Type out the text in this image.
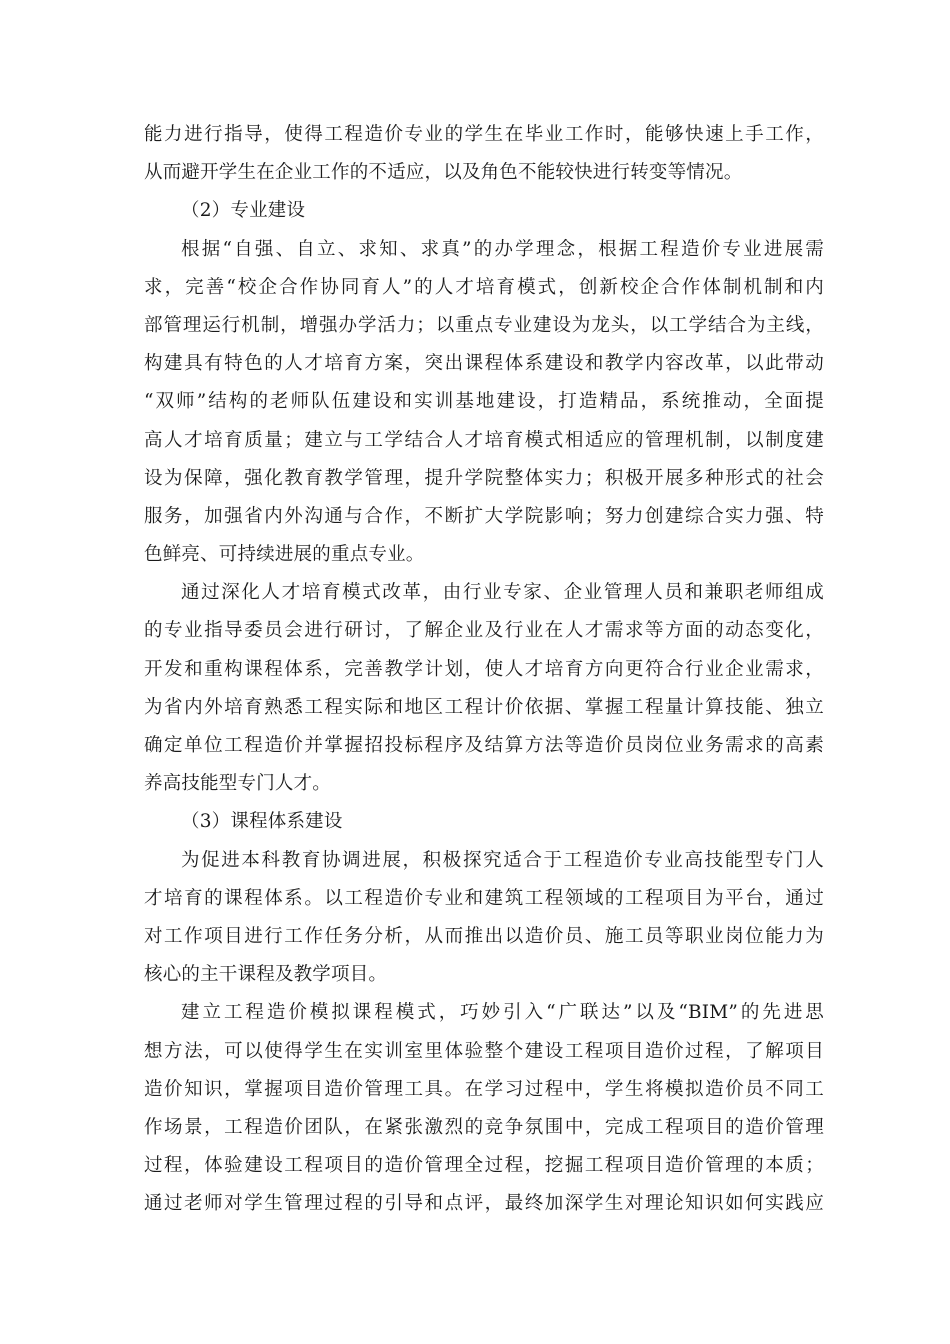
能力进行指导，使得工程造价专业的学生在毕业工作时，能够快速上手工作，
从而避开学生在企业工作的不适应，以及角色不能较快进行转变等情况。
（2）专业建设
根据“自强、自立、求知、求真”的办学理念，根据工程造价专业进展需
求，完善“校企合作协同育人”的人才培育模式，创新校企合作体制机制和内
部管理运行机制，增强办学活力；以重点专业建设为龙头，以工学结合为主线，
构建具有特色的人才培育方案，突出课程体系建设和教学内容改革，以此带动
“双师”结构的老师队伍建设和实训基地建设，打造精品，系统推动，全面提
高人才培育质量；建立与工学结合人才培育模式相适应的管理机制，以制度建
设为保障，强化教育教学管理，提升学院整体实力；积极开展多种形式的社会
服务，加强省内外沟通与合作，不断扩大学院影响；努力创建综合实力强、特
色鲜亮、可持续进展的重点专业。
通过深化人才培育模式改革，由行业专家、企业管理人员和兼职老师组成
的专业指导委员会进行研讨，了解企业及行业在人才需求等方面的动态变化，
开发和重构课程体系，完善教学计划，使人才培育方向更符合行业企业需求，
为省内外培育熟悉工程实际和地区工程计价依据、掌握工程量计算技能、独立
确定单位工程造价并掌握招投标程序及结算方法等造价员岗位业务需求的高素
养高技能型专门人才。
（3）课程体系建设
为促进本科教育协调进展，积极探究适合于工程造价专业高技能型专门人
才培育的课程体系。以工程造价专业和建筑工程领域的工程项目为平台，通过
对工作项目进行工作任务分析，从而推出以造价员、施工员等职业岗位能力为
核心的主干课程及教学项目。
建立工程造价模拟课程模式，巧妙引入“广联达”以及“BIM”的先进思
想方法，可以使得学生在实训室里体验整个建设工程项目造价过程，了解项目
造价知识，掌握项目造价管理工具。在学习过程中，学生将模拟造价员不同工
作场景，工程造价团队，在紧张激烈的竞争氛围中，完成工程项目的造价管理
过程，体验建设工程项目的造价管理全过程，挖掘工程项目造价管理的本质；
通过老师对学生管理过程的引导和点评，最终加深学生对理论知识如何实践应
